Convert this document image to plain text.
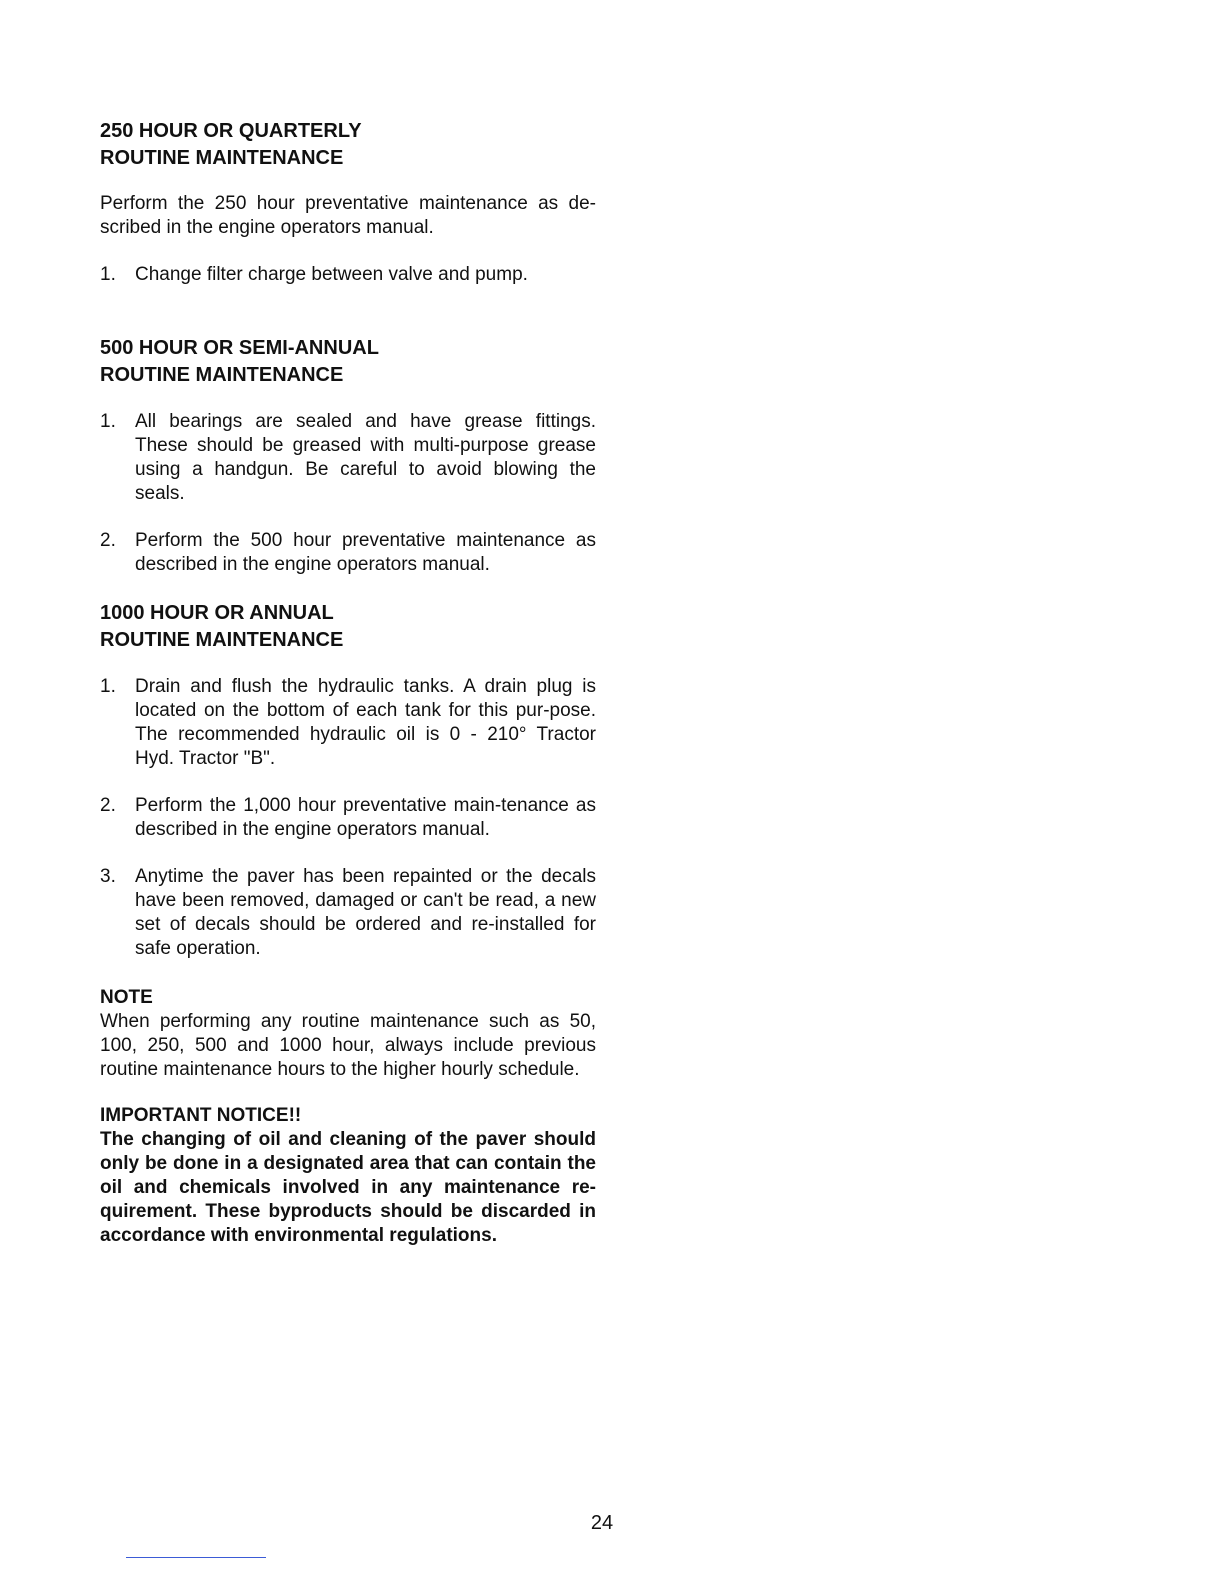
250 HOUR OR QUARTERLY
ROUTINE MAINTENANCE

Perform the 250 hour preventative maintenance as de-scribed in the engine operators manual.

1.	Change filter charge between valve and pump.
500 HOUR OR SEMI-ANNUAL
ROUTINE MAINTENANCE
1.	All bearings are sealed and have grease fittings. These should be greased with multi-purpose grease using a handgun. Be careful to avoid blowing the seals.
2.	Perform the 500 hour preventative maintenance as described in the engine operators manual.
1000 HOUR OR ANNUAL
ROUTINE MAINTENANCE
1.	Drain and flush the hydraulic tanks. A drain plug is located on the bottom of each tank for this pur-pose. The recommended hydraulic oil is 0 - 210° Tractor Hyd. Tractor "B".
2.	Perform the 1,000 hour preventative main-tenance as described in the engine operators manual.
3.	Anytime the paver has been repainted or the decals have been removed, damaged or can't be read, a new set of decals should be ordered and re-installed for safe operation.

NOTE

When performing any routine maintenance such as 50, 100, 250, 500 and 1000 hour, always include previous routine maintenance hours to the higher hourly schedule.

IMPORTANT NOTICE!!

The changing of oil and cleaning of the paver should only be done in a designated area that can contain the oil and chemicals involved in any maintenance re-quirement. These byproducts should be discarded in accordance with environmental regulations.

24
